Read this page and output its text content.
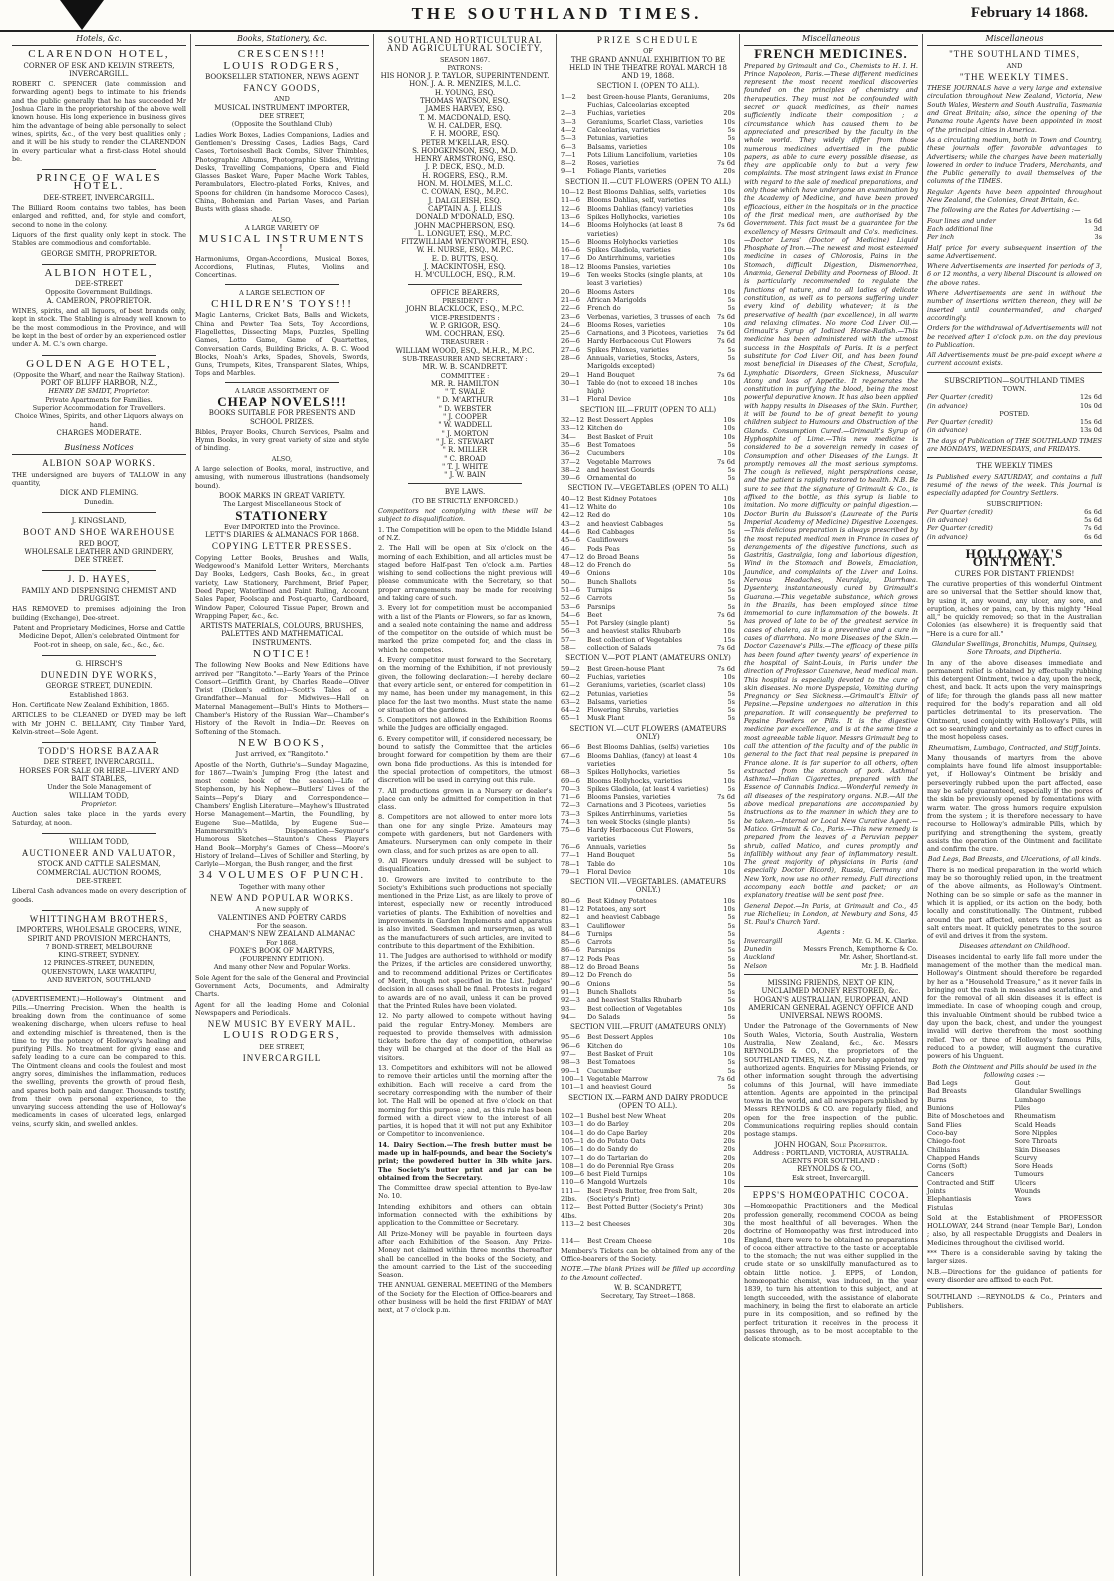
THE SOUTHLAND TIMES.	February 14 1868.
Hotels, &c.
CLARENDON HOTEL,
CORNER OF ESK AND KELVIN STREETS, INVERCARGILL.
ROBERT C. SPENCER (late commission and forwarding agent) begs to intimate to his friends and the public generally that he has succeeded Mr Joshua Clare in the proprietorship of the above well known house. His long experience in business gives him the advantage of being able personally to select wines, spirits, &c., of the very best qualities only ; and it will be his study to render the CLARENDON in every particular what a first-class Hotel should be.
PRINCE OF WALES HOTEL.
DEE-STREET, INVERCARGILL.
The Billiard Room contains two tables, has been enlarged and refitted, and, for style and comfort, second to none in the colony.
Liquors of the first quality only kept in stock. The Stables are commodious and comfortable.
GEORGE SMITH, PROPRIETOR.
ALBION HOTEL,
DEE-STREET
Opposite Government Buildings.
A. CAMERON, PROPRIETOR.
WINES, spirits, and all liquors, of best brands only, kept in stock. The Stabling is already well known to be the most commodious in the Province, and will be kept in the best of order by an experienced ostler under A. M. C.'s own charge.
GOLDEN AGE HOTEL,
(Opposite the Wharf, and near the Railway Station).
PORT OF BLUFF HARBOR, N.Z.,
HENRY DE SMIDT, Proprietor.
Private Apartments for Families.
Superior Accommodation for Travellers.
Choice Wines, Spirits, and other Liquors always on hand.
CHARGES MODERATE.
Business Notices
ALBION SOAP WORKS.
THE undersigned are buyers of TALLOW in any quantity,
DICK AND FLEMING.
Dunedin.
J. KINGSLAND,
BOOT AND SHOE WAREHOUSE
RED BOOT,
WHOLESALE LEATHER AND GRINDERY,
DEE STREET.
J. D. HAYES,
FAMILY AND DISPENSING CHEMIST AND DRUGGIST.
HAS REMOVED to premises adjoining the Iron building (Exchange), Dee-street.
Patent and Proprietary Medicines, Horse and Cattle Medicine Depot, Allen's celebrated Ointment for Foot-rot in sheep, on sale, &c., &c., &c.
G. HIRSCH'S
DUNEDIN DYE WORKS,
GEORGE STREET, DUNEDIN.
Established 1863.
Hon. Certificate New Zealand Exhibition, 1865.
ARTICLES to be CLEANED or DYED may be left with Mr JOHN C. BELLAMY, City Timber Yard, Kelvin-street—Sole Agent.
TODD'S HORSE BAZAAR
DEE STREET, INVERCARGILL.
HORSES FOR SALE OR HIRE—LIVERY AND BAIT STABLES,
Under the Sole Management of
WILLIAM TODD,
Proprietor.
Auction sales take place in the yards every Saturday, at noon.
WILLIAM TODD,
AUCTIONEER AND VALUATOR,
STOCK AND CATTLE SALESMAN, COMMERCIAL AUCTION ROOMS,
DEE-STREET.
Liberal Cash advances made on every description of goods.
WHITTINGHAM BROTHERS,
IMPORTERS, WHOLESALE GROCERS, WINE, SPIRIT AND PROVISION MERCHANTS,
7 BOND-STREET, MELBOURNE
KING-STREET, SYDNEY.
12 PRINCES-STREET, DUNEDIN,
QUEENSTOWN, LAKE WAKATIPU,
AND RIVERTON, SOUTHLAND
(ADVERTISEMENT.)—Holloway's Ointment and Pills.—Unerring Precision. When the health is breaking down from the continuance of some weakening discharge, when ulcers refuse to heal and extending mischief is threatened, then is the time to try the potency of Holloway's healing and purifying Pills. No treatment for giving ease and safely leading to a cure can be compared to this. The Ointment cleans and cools the foulest and most angry sores, diminishes the inflammation, reduces the swelling, prevents the growth of proud flesh, and spares both pain and danger. Thousands testify, from their own personal experience, to the unvarying success attending the use of Holloway's medicaments in cases of ulcerated legs, enlarged veins, scurfy skin, and swelled ankles.
Books, Stationery, &c.
CRESCENS!!!
LOUIS RODGERS,
BOOKSELLER STATIONER, NEWS AGENT
FANCY GOODS,
AND
MUSICAL INSTRUMENT IMPORTER,
DEE STREET,
(Opposite the Southland Club)
Ladies Work Boxes, Ladies Companions, Ladies and Gentlemen's Dressing Cases, Ladies Bags, Card Cases, Tortoiseshell Back Combs, Silver Thimbles, Photographic Albums, Photographic Slides, Writing Desks, Travelling Companions, Opera and Field Glasses Basket Ware, Paper Mache Work Tables, Perambulators, Electro-plated Forks, Knives, and Spoons for children (in handsome Morocco Cases), China, Bohemian and Parian Vases, and Parian Busts with glass shade.
ALSO,
A LARGE VARIETY OF
MUSICAL INSTRUMENTS !
Harmoniums, Organ-Accordions, Musical Boxes, Accordions, Flutinas, Flutes, Violins and Concertinas.
A LARGE SELECTION OF
CHILDREN'S TOYS!!!
Magic Lanterns, Cricket Bats, Balls and Wickets, China and Pewter Tea Sets, Toy Accordions, Flagellettes, Dissecting Maps, Puzzles, Spelling Games, Lotto Game, Game of Quartettes, Conversation Cards, Building Bricks, A. B. C. Wood Blocks, Noah's Arks, Spades, Shovels, Swords, Guns, Trumpets, Kites, Transparent Slates, Whips, Tops and Marbles.
A LARGE ASSORTMENT OF
CHEAP NOVELS!!!
BOOKS SUITABLE FOR PRESENTS AND SCHOOL PRIZES.
Bibles, Prayer Books, Church Services, Psalm and Hymn Books, in very great variety of size and style of binding.
ALSO,
A large selection of Books, moral, instructive, and amusing, with numerous illustrations (handsomely bound).
BOOK MARKS IN GREAT VARIETY.
The Largest Miscellaneous Stock of
STATIONERY
Ever IMPORTED into the Province.
LETT'S DIARIES & ALMANACS FOR 1868.
COPYING LETTER PRESSES.
Copying Letter Books, Brushes and Walls, Wedgewood's Manifold Letter Writers, Merchants Day Books, Ledgers, Cash Books, &c., in great variety, Law Stationery, Parchment, Brief Paper, Deed Paper, Waterlined and Faint Ruling, Account Sales Paper, Foolscap and Post-quarto, Cardboard, Window Paper, Coloured Tissue Paper, Brown and Wrapping Paper, &c., &c.
ARTISTS MATERIALS, COLOURS, BRUSHES, PALETTES AND MATHEMATICAL INSTRUMENTS.
NOTICE!
The following New Books and New Editions have arrived per "Rangitoto."—Early Years of the Prince Consort—Griffith Grant, by Charles Reade—Oliver Twist (Dicken's edition)—Scott's Tales of a Grandfather—Manual for Midwives—Hall on Maternal Management—Bull's Hints to Mothers—Chamber's History of the Russian War—Chamber's History of the Revolt in India—Dr. Reeves on Softening of the Stomach.
NEW BOOKS,
Just arrived, ex "Rangitoto."
Apostle of the North, Guthrie's—Sunday Magazine, for 1867—Twain's Jumping Frog (the latest and most comic book of the season)—Life of Stephenson, by his Nephew—Butlers' Lives of the Saints—Pepy's Diary and Correspondence—Chambers' English Literature—Mayhew's Illustrated Horse Management—Martin, the Foundling, by Eugene Sue—Matilda, by Eugene Sue—Hammersmith's Dispensation—Seymour's Humorous Sketches—Staunton's Chess Players Hand Book—Morphy's Games of Chess—Moore's History of Ireland—Lives of Schiller and Sterling, by Carlyle—Morgan, the Bush ranger, and the first
34 VOLUMES OF PUNCH.
Together with many other
NEW AND POPULAR WORKS.
A new supply of
VALENTINES AND POETRY CARDS
For the season.
CHAPMAN'S NEW ZEALAND ALMANAC
For 1868.
FOXE'S BOOK OF MARTYRS,
(FOURPENNY EDITION).
And many other New and Popular Works.
Sole Agent for the sale of the General and Provincial Government Acts, Documents, and Admiralty Charts.
Agent for all the leading Home and Colonial Newspapers and Periodicals.
NEW MUSIC BY EVERY MAIL.
LOUIS RODGERS,
DEE STREET,
INVERCARGILL
SOUTHLAND HORTICULTURAL AND AGRICULTURAL SOCIETY,
SEASON 1867.
PATRONS:
HIS HONOR J. P. TAYLOR, SUPERINTENDENT.
HON. J. A. R. MENZIES, M.L.C.
H. YOUNG, ESQ.
THOMAS WATSON, ESQ.
JAMES HARVEY, ESQ.
T. M. MACDONALD, ESQ.
W. H. CALDER, ESQ.
F. H. MOORE, ESQ.
PETER M'KELLAR, ESQ.
S. HODGKINSON, ESQ., M.D.
HENRY ARMSTRONG, ESQ.
J. P. DECK, ESQ., M.D.
H. ROGERS, ESQ., R.M.
HON. M. HOLMES, M.L.C.
C. COWAN, ESQ., M.P.C.
J. DALGLEISH, ESQ.
CAPTAIN A. J. ELLIS
DONALD M'DONALD, ESQ.
JOHN MACPHERSON, ESQ.
L. LONGUET, ESQ., M.P.C.
FITZWILLIAM WENTWORTH, ESQ.
W. H. NURSE, ESQ., M.P.C.
E. D. BUTTS, ESQ.
J. MACKINTOSH, ESQ.
H. M'CULLOCH, ESQ., R.M.
OFFICE BEARERS,
PRESIDENT :
JOHN BLACKLOCK, ESQ., M.P.C.
VICE-PRESIDENTS :
W. P. GRIGOR, ESQ.
WM. COCHRAN, ESQ.
TREASURER :
WILLIAM WOOD, ESQ., M.H.R., M.P.C.
SUB-TREASURER AND SECRETARY :
MR. W. B. SCANDRETT.
COMMITTEE :
MR. R. HAMILTON
" T. SWALE
" D. M'ARTHUR
" D. WEBSTER
" J. COOPER
" W. WADDELL
" J. MORTON
" J. E. STEWART
" R. MILLER
" C. BROAD
" T. J. WHITE
" J. W. BAIN
BYE LAWS.
(TO BE STRICTLY ENFORCED.)
Competitors not complying with these will be subject to disqualification.
1. The Competition will be open to the Middle Island of N.Z.
2. The Hall will be open at Six o'clock on the morning of each Exhibition, and all articles must be staged before Half-past Ten o'clock a.m. Parties wishing to send collections the night previous will please communicate with the Secretary, so that proper arrangements may be made for receiving and taking care of such.
3. Every lot for competition must be accompanied with a list of the Plants or Flowers, so far as known, and a sealed note containing the name and address of the competitor on the outside of which must be marked the prize competed for, and the class in which he competes.
4. Every competitor must forward to the Secretary, on the morning of the Exhibition, if not previously given, the following declaration:—I hereby declare that every article sent, or entered for competition in my name, has been under my management, in this place for the last two months. Must state the name or situation of the gardens.
5. Competitors not allowed in the Exhibition Rooms while the Judges are officially engaged.
6. Every competitor will, if considered necessary, be bound to satisfy the Committee that the articles brought forward for competition by them are their own bona fide productions. As this is intended for the special protection of competitors, the utmost discretion will be used in carrying out this rule.
7. All productions grown in a Nursery or dealer's place can only be admitted for competition in that class.
8. Competitors are not allowed to enter more lots than one for any single Prize. Amateurs may compete with gardeners, but not Gardeners with Amateurs. Nurserymen can only compete in their own class, and for such prizes as are open to all.
9. All Flowers unduly dressed will be subject to disqualification.
10. Growers are invited to contribute to the Society's Exhibitions such productions not specially mentioned in the Prize List, as are likely to prove of interest, especially new or recently introduced varieties of plants. The Exhibition of novelties and improvements in Garden Implements and apparatus is also invited. Seedsmen and nurserymen, as well as the manufacturers of such articles, are invited to contribute to this department of the Exhibition.
11. The Judges are authorised to withhold or modify the Prizes, if the articles are considered unworthy, and to recommend additional Prizes or Certificates of Merit, though not specified in the List. Judges' decision in all cases shall be final. Protests in regard to awards are of no avail, unless it can be proved that the Printed Rules have been violated.
12. No party allowed to compete without having paid the regular Entry-Money. Members are requested to provide themselves with admission tickets before the day of competition, otherwise they will be charged at the door of the Hall as visitors.
13. Competitors and exhibitors will not be allowed to remove their articles until the morning after the exhibition. Each will receive a card from the secretary corresponding with the number of their lot. The Hall will be opened at five o'clock on that morning for this purpose ; and, as this rule has been formed with a direct view to the interest of all parties, it is hoped that it will not put any Exhibitor or Competitor to inconvenience.
14. Dairy Section.—The fresh butter must be made up in half-pounds, and bear the Society's print; the powdered butter in 3lb white jars. The Society's butter print and jar can be obtained from the Secretary.
The Committee draw special attention to Bye-law No. 10.
Intending exhibitors and others can obtain information connected with the exhibitions by application to the Committee or Secretary.
All Prize-Money will be payable in fourteen days after each Exhibition of the Season. Any Prize-Money not claimed within three months thereafter shall be cancelled in the books of the Society, and the amount carried to the List of the succeeding Season.
THE ANNUAL GENERAL MEETING of the Members of the Society for the Election of Office-bearers and other business will be held the first FRIDAY of MAY next, at 7 o'clock p.m.
PRIZE SCHEDULE
OF
THE GRAND ANNUAL EXHIBITION TO BE HELD IN THE THEATRE ROYAL MARCH 18 AND 19, 1868.
SECTION I. (OPEN TO ALL).
1—2	best Green-house Plants, Geraniums, Fuchias, Calceolarias excepted
20s
2—3	Fuchias, varieties	20s
3—3	Geraniums, Scarlet Class, varieties	10s
4—2	Calceolarias, varieties	5s
5—3	Petunias, varieties	5s
6—3	Balsams, varieties	10s
7—1	Pots Lilium Lancifolium, varieties	10s
8—2	Roses, varieties	7s 6d
9—1	Foliage Plants, varieties	20s
SECTION II.—CUT FLOWERS (OPEN TO ALL)
10—12 Best Blooms Dahlias, selfs, varieties	10s
11—6	Blooms Dahlias, self, varieties	10s
12—6	Blooms Dahlias (fancy) varieties	10s
13—6	Spikes Hollyhocks, varieties	10s
14—6	Blooms Holyhocks (at least 8 varieties)
7s 6d
15—6	Blooms Holyhocks varieties	10s
16—6	Spikes Gladiola, varieties	10s
17—6	Do Antirrhinums, varieties	10s
18—12 Blooms Pansies, varieties	10s
19—6	Ten weeks Stocks (single plants, at least 3 varieties)
10s
20—6	Blooms Asters	10s
21—6	African Marigolds	5s
22—6	French do	5s
23—6	Verbenas, varieties, 3 trusses of each	7s 6d
24—6	Blooms Roses, varieties	10s
25—6	Carnations, and 3 Picotees, varieties	7s 6d
26—6	Hardy Herbaceous Cut Flowers	7s 6d
27—6	Spikes Phloxes, varieties	5s
28—6	Annuals, varieties, Stocks, Asters, Marigolds excepted)
5s
29—1	Hand Bouquet	7s 6d
30—1	Table do (not to exceed 18 inches high)
10s
31—1	Floral Device	10s
SECTION III.—FRUIT (OPEN TO ALL)
32—12 Best Dessert Apples	10s
33—12 Kitchen do	10s
34—	Best Basket of Fruit	10s
35—6	Best Tomatoes	5s
36—2	Cucumbers	10s
37—2	Vegetable Marrows	7s 6d
38—2	and heaviest Gourds	5s
39—6	Ornamental do	5s
SECTION IV.—VEGETABLES (OPEN TO ALL)
40—12 Best Kidney Potatoes	10s
41—12 White do	10s
42—12 Red do	10s
43—2	and heaviest Cabbages	5s
44—6	Red Cabbages	5s
45—6	Cauliflowers	5s
46—	Pods Peas	5s
47—12 do Broad Beans	5s
48—12 do French do	5s
49—6	Onions	10s
50—	Bunch Shallots	5s
51—6	Turnips	5s
52—6	Carrots	5s
53—6	Parsnips	5s
54—6	Beet	7s 6d
55—1	Pot Parsley (single plant)	5s
56—3	and heaviest stalks Rhubarb	10s
57—	Best collection of Vegetables	15s
58—	collection of Salads	7s 6d
SECTION V.—POT PLANT (AMATEURS ONLY)
59—2	Best Green-house Plant	7s 6d
60—2	Fuchias, varieties	10s
61—2	Geraniums, varieties, (scarlet class)	10s
62—2	Petunias, varieties	5s
63—2	Balsams, varieties	5s
64—2	Flowering Shrubs, varieties	5s
65—1	Musk Plant	5s
SECTION VI.—CUT FLOWERS (AMATEURS ONLY)
66—6	Best Blooms Dahlias, (selfs) varieties	10s
67—6	Blooms Dahlias, (fancy) at least 4 varieties
10s
68—3	Spikes Hollyhocks, varieties	5s
69—6	Blooms Hollyhocks, varieties	10s
70—3	Spikes Gladiola, (at least 4 varieties)	5s
71—6	Blooms Pansies, varieties	7s 6d
72—3	Carnations and 3 Picotees, varieties	5s
73—3	Spikes Antirrhinums, varieties	5s
74—3	ten week Stocks (single plants)	5s
75—6	Hardy Herbaceous Cut Flowers, varieties
5s
76—6	Annuals, varieties	5s
77—1	Hand Bouquet	5s
78—1	Table do	10s
79—1	Floral Device	10s
SECTION VII.—VEGETABLES. (AMATEURS ONLY.)
80—6	Best Kidney Potatoes	10s
81—12 Potatoes, any sort	10s
82—1	and heaviest Cabbage	5s
83—1	Cauliflower	5s
84—6	Turnips	5s
85—6	Carrots	5s
86—6	Parsnips	5s
87—12 Pods Peas	5s
88—12 do Broad Beans	5s
89—12 Do French do	5s
90—6	Onions	5s
91—1	Bunch Shallots	5s
92—3	and heaviest Stalks Rhubarb	5s
93—	Best collection of Vegetables	10s
94—	Do Salads	5s
SECTION VIII.—FRUIT (AMATEURS ONLY)
95—6	Best Dessert Apples	10s
96—6	Kitchen do	10s
97—	Best Basket of Fruit	10s
98—3	Best Tomatoes	5s
99—1	Cucumber	5s
100—1 Vegetable Marrow	7s 6d
101—1 and heaviest Gourd	5s
SECTION IX.—FARM AND DAIRY PRODUCE (OPEN TO ALL).
102—1 Bushel best New Wheat	20s
103—1 do do Barley	20s
104—1 do do Cape Barley	20s
105—1 do do Potato Oats	20s
106—1 do do Sandy do	20s
107—1 do do Tartarian do	20s
108—1 do do Perennial Rye Grass	20s
109—6 best Field Turnips	10s
110—6 Mangold Wurtzels	10s
111—2lbs.
Best Fresh Butter, free from Salt, (Society's Print)
20s
112—4lbs.
Best Potted Butter (Society's Print)	30s 20s
113—2 best Cheeses	30s 20s
114—	Best Cream Cheese	10s
Members's Tickets can be obtained from any of the Office-bearers of the Society.
NOTE.—The blank Prizes will be filled up according to the Amount collected.
W. B. SCANDRETT,
Secretary, Tay Street—1868.
Miscellaneous
FRENCH MEDICINES.
Prepared by Grimault and Co., Chemists to H. I. H. Prince Napoleon, Paris.—These different medicines represent the most recent medical discoveries founded on the principles of chemistry and therapeutics. They must not be confounded with secret or quack medicines, as their names sufficiently indicate their composition ; a circumstance which has caused them to be appreciated and prescribed by the faculty in the whole world. They widely differ from those numerous medicines advertised in the public papers, as able to cure every possible disease, as they are applicable only to but a very few complaints. The most stringent laws exist in France with regard to the sale of medical preparations, and only those which have undergone an examination by the Academy of Medicine, and have been proved efficacious, either in the hospitals or in the practice of the first medical men, are authorised by the Government. This fact must be a guarantee for the excellency of Messrs Grimault and Co's. medicines.—Doctor Leras' (Doctor of Medicine) Liquid Phosphate of Iron.—The newest and most esteemed medicine in cases of Chlorosis, Pains in the Stomach, difficult Digestion, Dismenorrhea, Anæmia, General Debility and Poorness of Blood. It is particularly recommended to regulate the functions of nature, and to all ladies of delicate constitution, as well as to persons suffering under every kind of debility whatever; it is the preservative of health (par excellence), in all warm and relaxing climates. No more Cod Liver Oil.—Grimault's Syrup of Iodized Horse-Radish.—This medicine has been administered with the utmost success in the Hospitals of Paris. It is a perfect substitute for Cod Liver Oil, and has been found most beneficial in Diseases of the Chest, Scrofula, Lymphatic Disorders, Green Sickness, Muscular Atony and loss of Appetite. It regenerates the constitution in purifying the blood, being the most powerful depurative known. It has also been applied with happy results in Diseases of the Skin. Further, it will be found to be of great benefit to young children subject to Humours and Obstruction of the Glands. Consumption Cured.—Grimault's Syrup of Hyphosphite of Lime.—This new medicine is considered to be a sovereign remedy in cases of Consumption and other Diseases of the Lungs. It promptly removes all the most serious symptoms. The cough is relieved, night perspirations cease, and the patient is rapidly restored to health. N.B. Be sure to see that the signature of Grimault & Co., is affixed to the bottle, as this syrup is liable to imitation. No more difficulty or painful digestion.—Doctor Burin du Buisson's (Laureate of the Paris Imperial Academy of Medicine) Digestive Lozenges.—This delicious preparation is always prescribed by the most reputed medical men in France in cases of derangements of the digestive functions, such as Gastritis, Gastralgia, long and laborious digestion, Wind in the Stomach and Bowels, Emaciation, Jaundice, and complaints of the Liver and Loins. Nervous Headaches, Neuralgia, Diarrhœa. Dysentery, instantaneously cured by Grimault's Guarana.—This vegetable substance, which grows in the Brazils, has been employed since time immemorial to cure inflammation of the bowels. It has proved of late to be of the greatest service in cases of cholera, as it is a preventive and a cure in cases of diarrhœa. No more Diseases of the Skin.—Doctor Cazenave's Pills.—The efficacy of these pills has been found after twenty years' of experience in the hospital of Saint-Louis, in Paris under the direction of Professor Cazenave, head medical man. This hospital is especially devoted to the cure of skin diseases. No more Dyspepsia, Vomiting during Pregnancy or Sea Sickness.—Grimault's Elixir of Pepsine.—Pepsine undergoes no alteration in this preparation. It will consequently be preferred to Pepsine Powders or Pills. It is the digestive medicine par excellence, and is at the same time a most agreeable table liquor. Messrs Grimault beg to call the attention of the faculty and of the public in general to the fact that real pepsine is prepared in France alone. It is far superior to all others, often extracted from the stomach of pork. Asthma! Asthma!—Indian Cigarettes, prepared with the Essence of Cannabis Indica.—Wonderful remedy in all diseases of the respiratory organs. N.B.—All the above medical preparations are accompanied by instructions as to the manner in which they are to be taken.—Internal or Local New Curative Agent.—Matico. Grimault & Co., Paris.—This new remedy is prepared from the leaves of a Peruvian pepper shrub, called Matico, and cures promptly and infallibly without any fear of inflammatory result. The great majority of physicians in Paris (and especially Doctor Ricord), Russia, Germany and New York, now use no other remedy. Full directions accompany each bottle and packet; or an explanatory treatise will be sent post free.
General Depot.—In Paris, at Grimault and Co., 45 rue Richelieu; in London, at Newbury and Sons, 45 St. Paul's Church Yard.
Agents :
Invercargill	Mr. G. M. K. Clarke.
Dunedin	Messrs French, Kempthorne & Co.
Auckland	Mr. Asher, Shortland-st.
Nelson	Mr. J. B. Hadfield
MISSING FRIENDS, NEXT OF KIN, UNCLAIMED MONEY RESTORED, &c.
HOGAN'S AUSTRALIAN, EUROPEAN, AND AMERICAN GENERAL AGENCY OFFICE AND UNIVERSAL NEWS ROOMS.
Under the Patronage of the Governments of New South Wales, Victoria, South Australia, Western Australia, New Zealand, &c., &c. Messrs REYNOLDS & CO., the proprietors of the SOUTHLAND TIMES, N.Z. are hereby appointed my authorized agents. Enquiries for Missing Friends, or other information sought through the advertising columns of this Journal, will have immediate attention. Agents are appointed in the principal towns in the world, and all newspapers published by Messrs REYNOLDS & CO. are regularly filed, and open for the free inspection of the public. Communications requiring replies should contain postage stamps.
JOHN HOGAN, Sole Proprietor.
Address : PORTLAND, VICTORIA, AUSTRALIA.
AGENTS FOR SOUTHLAND :
REYNOLDS & CO.,
Esk street, Invercargill.
EPPS'S HOMŒOPATHIC COCOA.
—Homœopathic Practitioners and the Medical profession generally, recommend COCOA as being the most healthful of all beverages. When the doctrine of Homœopathy was first introduced into England, there were to be obtained no preparations of cocoa either attractive to the taste or acceptable to the stomach; the nut was either supplied in the crude state or so unskilfully manufactured as to obtain little notice. J. EPPS, of London, homœopathic chemist, was induced, in the year 1839, to turn his attention to this subject, and at length succeeded, with the assistance of elaborate machinery, in being the first to elaborate an article pure in its composition, and so refined by the perfect trituration it receives in the process it passes through, as to be most acceptable to the delicate stomach.
Miscellaneous
"THE SOUTHLAND TIMES,
AND
"THE WEEKLY TIMES.
THESE JOURNALS have a very large and extensive circulation throughout New Zealand, Victoria, New South Wales, Western and South Australia, Tasmania and Great Britain; also, since the opening of the Panama route Agents have been appointed in most of the principal cities in America.
As a circulating medium, both in Town and Country, these journals offer favorable advantages to Advertisers; while the charges have been materially lowered in order to induce Traders, Merchants, and the Public generally to avail themselves of the columns of the TIMES.
Regular Agents have been appointed throughout New Zealand, the Colonies, Great Britain, &c.
The following are the Rates for Advertising :—
Four lines and under	1s 6d
Each additional line	3d
Per inch	3s
Half price for every subsequent insertion of the same Advertisement.
Where Advertisements are inserted for periods of 3, 6 or 12 months, a very liberal Discount is allowed on the above rates.
Where Advertisements are sent in without the number of insertions written thereon, they will be inserted until countermanded, and charged accordingly.
Orders for the withdrawal of Advertisements will not be received after 1 o'clock p.m. on the day previous to Publication.
All Advertisements must be pre-paid except where a current account exists.
SUBSCRIPTION—SOUTHLAND TIMES
TOWN.
Per Quarter (credit)	12s 6d
(in advance)	10s 0d
POSTED.
Per Quarter (credit)	15s 6d
(in advance)	13s 0d
The days of Publication of THE SOUTHLAND TIMES are MONDAYS, WEDNESDAYS, and FRIDAYS.
THE WEEKLY TIMES
Is Published every SATURDAY, and contains a full resumé of the news of the week. This Journal is especially adapted for Country Settlers.
SUBSCRIPTION:
Per Quarter (credit)	6s 6d
(in advance)	5s 6d
Per Quarter (credit)	7s 6d
(in advance)	6s 6d
HOLLOWAY'S OINTMENT.
CURES FOR DISTANT FRIENDS!
The curative properties of this wonderful Ointment are so universal that the Settler should know that, by using it, any wound, any ulcer, any sore, and eruption, aches or pains, can, by this mighty "Heal all," be quickly removed; so that in the Australian Colonies (as elsewhere) it is frequently said that "Here is a cure for all."
Glandular Swellings, Bronchitis, Mumps, Quinsey, Sore Throats, and Diptheria.
In any of the above diseases immediate and permanent relief is obtained by effectually rubbing this detergent Ointment, twice a day, upon the neck, chest, and back. It acts upon the very mainsprings of life; for through the glands pass all new matter required for the body's reparation and all old particles detrimental to its preservation. The Ointment, used conjointly with Holloway's Pills, will act so searchingly and certainly as to effect cures in the most hopeless cases.
Rheumatism, Lumbago, Contracted, and Stiff Joints.
Many thousands of martyrs from the above complaints have found life almost insupportable: yet, if Holloway's Ointment be briskly and perseveringly rubbed upon the part affected, ease may be safely guaranteed, especially if the pores of the skin be previously opened by fomentations with warm water. The gross humors require expulsion from the system ; it is therefore necessary to have recourse to Holloway's admirable Pills, which by purifying and strengthening the system, greatly assists the operation of the Ointment and facilitate and confirm the cure.
Bad Legs, Bad Breasts, and Ulcerations, of all kinds.
There is no medical preparation in the world which may be so thoroughly relied upon, in the treatment of the above ailments, as Holloway's Ointment. Nothing can be so simple or safe as the manner in which it is applied, or its action on the body, both locally and constitutionally. The Ointment, rubbed around the part affected, enters the pores just as salt enters meat. It quickly penetrates to the source of evil and drives it from the system.
Diseases attendant on Childhood.
Diseases incidental to early life fall more under the management of the mother than the medical man. Holloway's Ointment should therefore be regarded by her as a "Household Treasure," as it never fails in bringing out the rash in measles and scarlatina; and for the removal of all skin diseases it is effect is immediate. In case of whooping cough and croup, this invaluable Ointment should be rubbed twice a day upon the back, chest, and under the youngest invalid will derive therefrom the most soothing relief. Two or three of Holloway's famous Pills, reduced to a powder, will augment the curative powers of his Unguent.
Both the Ointment and Pills should be used in the following cases :—
Bad Legs
Bad Breasts
Burns
Bunions
Bite of Moschetoes and Sand Flies
Coco-bay
Chiego-foot
Chilblains
Chapped Hands
Corns (Soft)
Cancers
Contracted and Stiff Joints
Elephantiasis
Fistulas
Gout
Glandular Swellings
Lumbago
Piles
Rheumatism
Scald Heads
Sore Nipples
Sore Throats
Skin Diseases
Scurvy
Sore Heads
Tumours
Ulcers
Wounds
Yaws
Sold at the Establishment of PROFESSOR HOLLOWAY, 244 Strand (near Temple Bar), London ; also, by all respectable Druggists and Dealers in Medicines throughout the civilised world.
*** There is a considerable saving by taking the larger sizes.
N.B.—Directions for the guidance of patients for every disorder are affixed to each Pot.
SOUTHLAND :—REYNOLDS & Co., Printers and Publishers.
